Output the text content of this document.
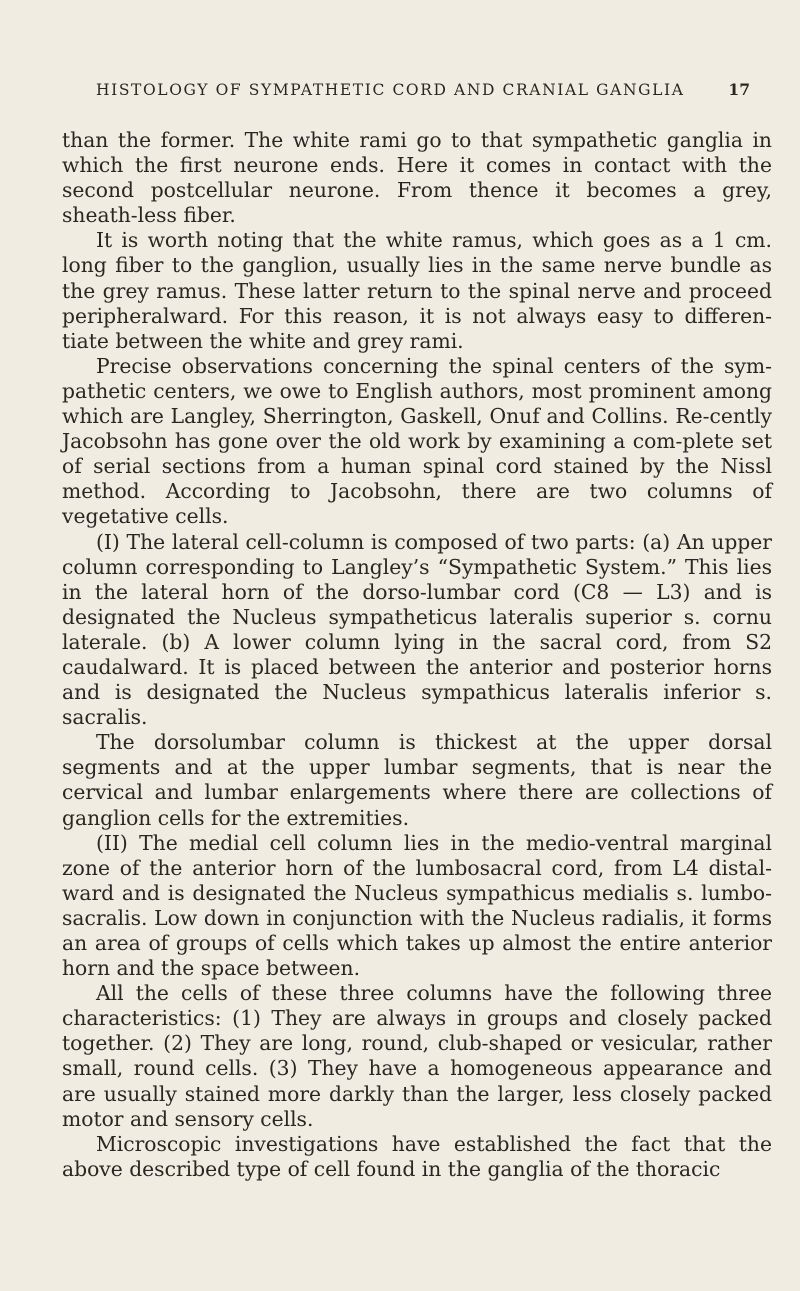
HISTOLOGY OF SYMPATHETIC CORD AND CRANIAL GANGLIA	17

than the former. The white rami go to that sympathetic ganglia in which the first neurone ends. Here it comes in contact with the second postcellular neurone. From thence it becomes a grey, sheath-less fiber.

It is worth noting that the white ramus, which goes as a 1 cm. long fiber to the ganglion, usually lies in the same nerve bundle as the grey ramus. These latter return to the spinal nerve and proceed peripheralward. For this reason, it is not always easy to differen-tiate between the white and grey rami.

Precise observations concerning the spinal centers of the sym-pathetic centers, we owe to English authors, most prominent among which are Langley, Sherrington, Gaskell, Onuf and Collins. Re-cently Jacobsohn has gone over the old work by examining a com-plete set of serial sections from a human spinal cord stained by the Nissl method. According to Jacobsohn, there are two columns of vegetative cells.

(I) The lateral cell-column is composed of two parts: (a) An upper column corresponding to Langley’s “Sympathetic System.” This lies in the lateral horn of the dorso-lumbar cord (C8 — L3) and is designated the Nucleus sympatheticus lateralis superior s. cornu laterale. (b) A lower column lying in the sacral cord, from S2 caudalward. It is placed between the anterior and posterior horns and is designated the Nucleus sympathicus lateralis inferior s. sacralis.

The dorsolumbar column is thickest at the upper dorsal segments and at the upper lumbar segments, that is near the cervical and lumbar enlargements where there are collections of ganglion cells for the extremities.

(II) The medial cell column lies in the medio-ventral marginal zone of the anterior horn of the lumbosacral cord, from L4 distal-ward and is designated the Nucleus sympathicus medialis s. lumbo-sacralis. Low down in conjunction with the Nucleus radialis, it forms an area of groups of cells which takes up almost the entire anterior horn and the space between.

All the cells of these three columns have the following three characteristics: (1) They are always in groups and closely packed together. (2) They are long, round, club-shaped or vesicular, rather small, round cells. (3) They have a homogeneous appearance and are usually stained more darkly than the larger, less closely packed motor and sensory cells.

Microscopic investigations have established the fact that the above described type of cell found in the ganglia of the thoracic
